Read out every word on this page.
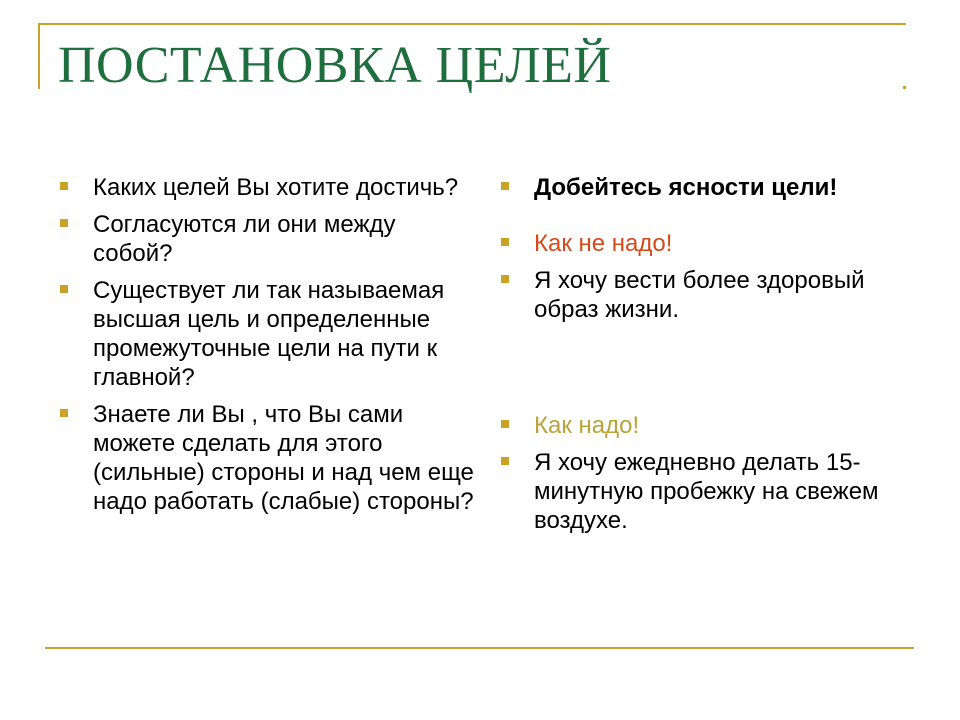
ПОСТАНОВКА ЦЕЛЕЙ
Каких целей Вы хотите достичь?
Согласуются ли они между собой?
Существует ли так называемая высшая цель и определенные промежуточные цели на пути к главной?
Знаете ли Вы , что Вы сами можете сделать для этого (сильные) стороны и над чем еще надо работать (слабые) стороны?
Добейтесь ясности цели!
Как не надо!
Я хочу вести более здоровый образ жизни.
Как надо!
Я хочу ежедневно делать 15-минутную пробежку на свежем воздухе.
